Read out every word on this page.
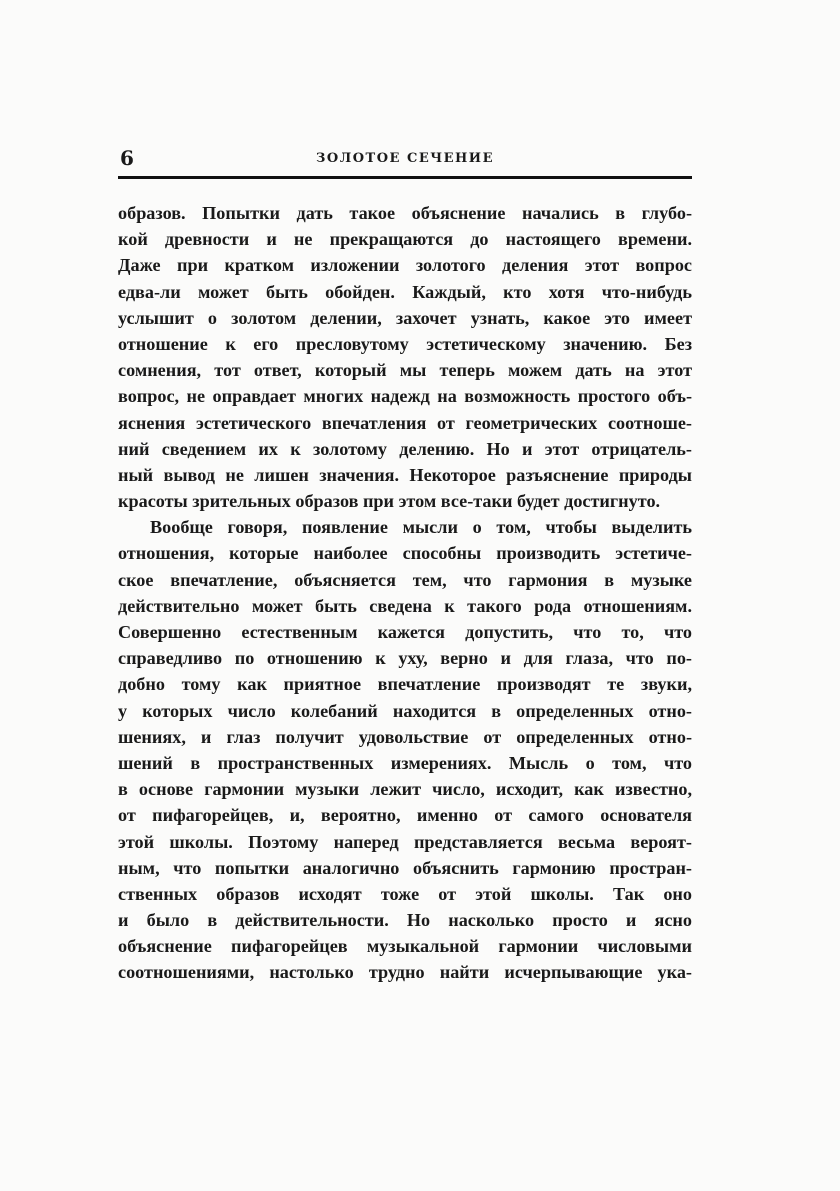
6	ЗОЛОТОЕ СЕЧЕНИЕ
образов. Попытки дать такое объяснение начались в глубо-
кой древности и не прекращаются до настоящего времени.
Даже при кратком изложении золотого деления этот вопрос
едва-ли может быть обойден. Каждый, кто хотя что-нибудь
услышит о золотом делении, захочет узнать, какое это имеет
отношение к его пресловутому эстетическому значению. Без
сомнения, тот ответ, который мы теперь можем дать на этот
вопрос, не оправдает многих надежд на возможность простого объ-
яснения эстетического впечатления от геометрических соотноше-
ний сведением их к золотому делению. Но и этот отрицатель-
ный вывод не лишен значения. Некоторое разъяснение природы
красоты зрительных образов при этом все-таки будет достигнуто.
Вообще говоря, появление мысли о том, чтобы выделить
отношения, которые наиболее способны производить эстетиче-
ское впечатление, объясняется тем, что гармония в музыке
действительно может быть сведена к такого рода отношениям.
Совершенно естественным кажется допустить, что то, что
справедливо по отношению к уху, верно и для глаза, что по-
добно тому как приятное впечатление производят те звуки,
у которых число колебаний находится в определенных отно-
шениях, и глаз получит удовольствие от определенных отно-
шений в пространственных измерениях. Мысль о том, что
в основе гармонии музыки лежит число, исходит, как известно,
от пифагорейцев, и, вероятно, именно от самого основателя
этой школы. Поэтому наперед представляется весьма вероят-
ным, что попытки аналогично объяснить гармонию простран-
ственных образов исходят тоже от этой школы. Так оно
и было в действительности. Но насколько просто и ясно
объяснение пифагорейцев музыкальной гармонии числовыми
соотношениями, настолько трудно найти исчерпывающие ука-
